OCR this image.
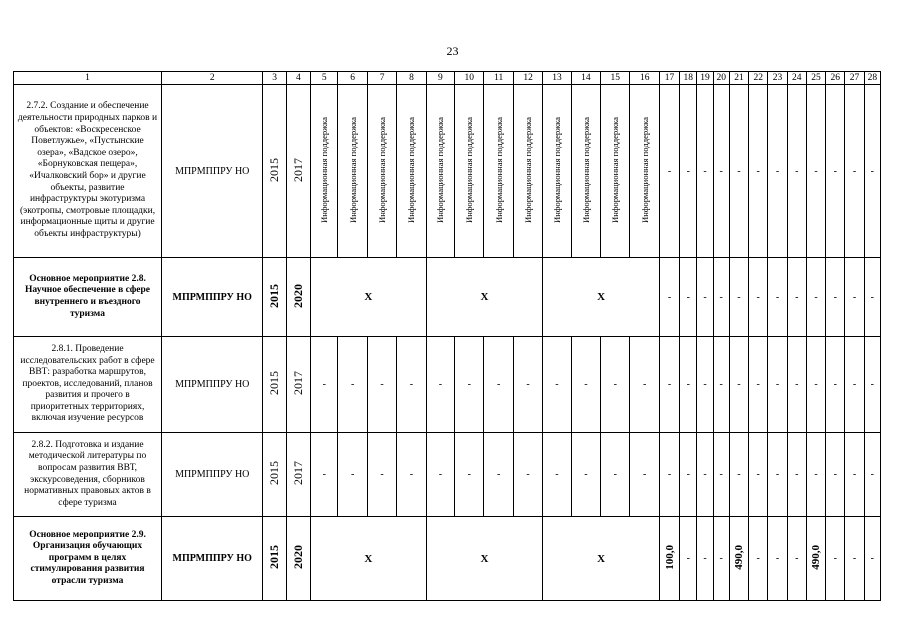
23
1	2	3	4	5	6	7	8	9	10	11	12	13	14	15	16	17	18	19	20	21	22	23	24	25	26	27	28
2.7.2. Создание и обеспечение деятельности природных парков и объектов: «Воскресенское Поветлужье», «Пустынские озера», «Вадское озеро», «Борнуковская пещера», «Ичалковский бор» и другие объекты, развитие инфраструктуры экотуризма (экотропы, смотровые площадки, информационные щиты и другие объекты инфраструктуры)	МПРМППРУ НО	2015	2017	Информационная поддержка	Информационная поддержка	Информационная поддержка	Информационная поддержка	Информационная поддержка	Информационная поддержка	Информационная поддержка	Информационная поддержка	Информационная поддержка	Информационная поддержка	Информационная поддержка	Информационная поддержка	-	-	-	-	-	-	-	-	-	-	-	-
Основное мероприятие 2.8. Научное обеспечение в сфере внутреннего и въездного туризма	МПРМППРУ НО	2015	2020	Х				Х				Х				-	-	-	-	-	-	-	-	-	-	-	-
2.8.1. Проведение исследовательских работ в сфере ВВТ: разработка маршрутов, проектов, исследований, планов развития и прочего в приоритетных территориях, включая изучение ресурсов	МПРМППРУ НО	2015	2017	-	-	-	-	-	-	-	-	-	-	-	-	-	-	-	-	-	-	-	-	-	-	-	-
2.8.2. Подготовка и издание методической литературы по вопросам развития ВВТ, экскурсоведения, сборников нормативных правовых актов в сфере туризма	МПРМППРУ НО	2015	2017	-	-	-	-	-	-	-	-	-	-	-	-	-	-	-	-	-	-	-	-	-	-	-	-
Основное мероприятие 2.9. Организация обучающих программ в целях стимулирования развития отрасли туризма	МПРМППРУ НО	2015	2020	Х				Х				Х				100,0	-	-	-	490,0	-	-	-	490,0	-	-	-
